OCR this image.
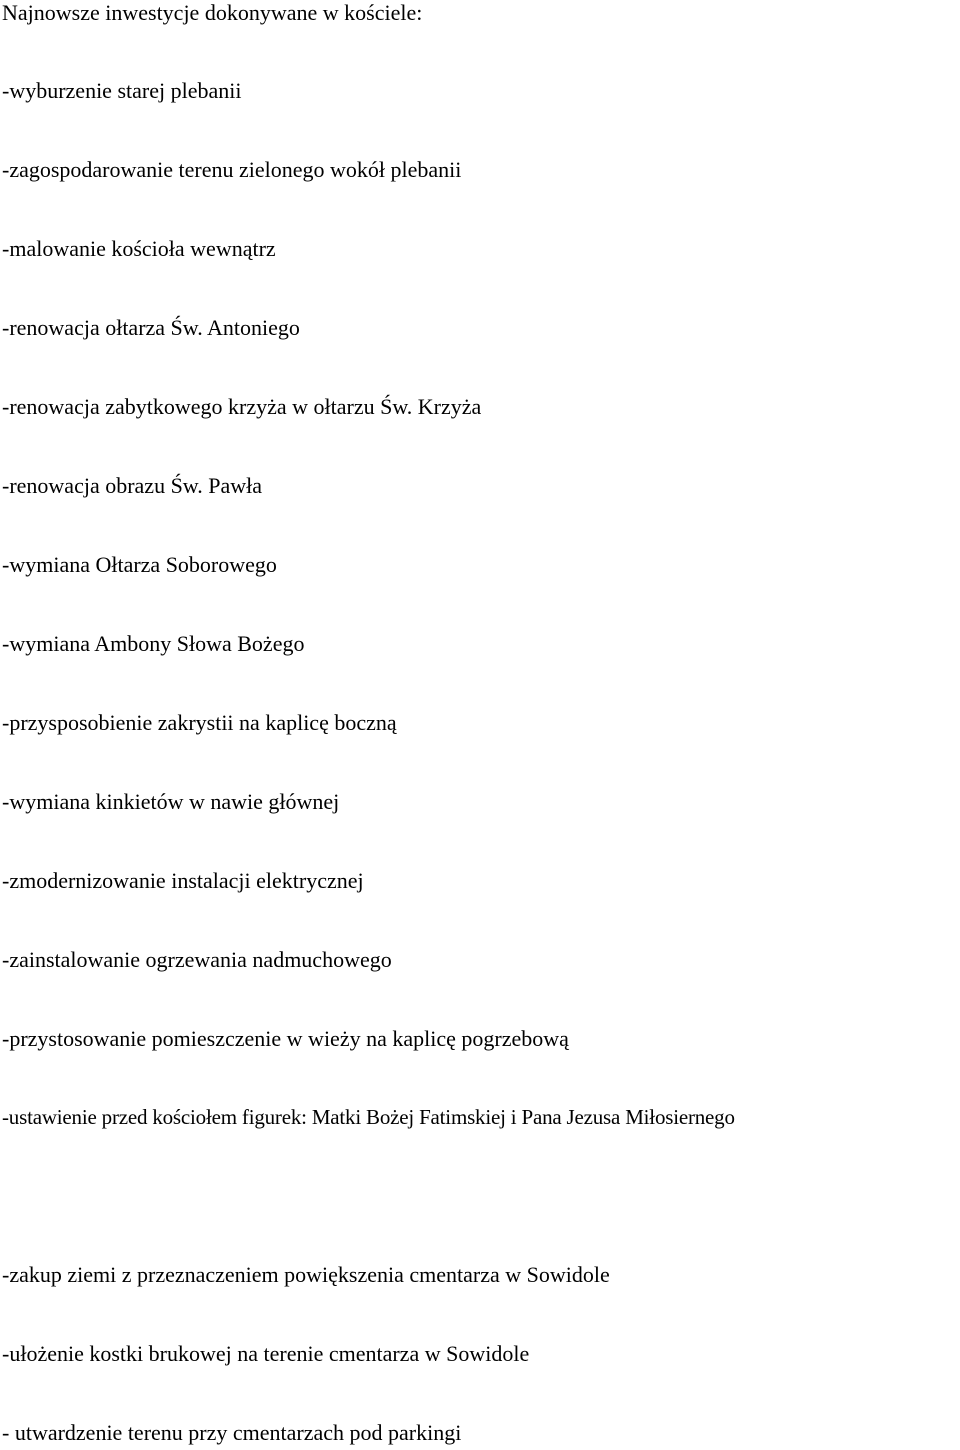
Najnowsze inwestycje dokonywane w kościele:

-wyburzenie starej plebanii

-zagospodarowanie terenu zielonego wokół plebanii

-malowanie kościoła wewnątrz

-renowacja ołtarza Św. Antoniego

-renowacja zabytkowego krzyża w ołtarzu Św. Krzyża

-renowacja obrazu Św. Pawła

-wymiana Ołtarza Soborowego

-wymiana Ambony Słowa Bożego

-przysposobienie zakrystii na kaplicę boczną

-wymiana kinkietów w nawie głównej

-zmodernizowanie instalacji elektrycznej

-zainstalowanie ogrzewania nadmuchowego

-przystosowanie pomieszczenie w wieży na kaplicę pogrzebową

-ustawienie przed kościołem figurek: Matki Bożej Fatimskiej i Pana Jezusa Miłosiernego

-zakup ziemi z przeznaczeniem powiększenia cmentarza w Sowidole

-ułożenie kostki brukowej na terenie cmentarza w Sowidole

- utwardzenie terenu przy cmentarzach pod parkingi
